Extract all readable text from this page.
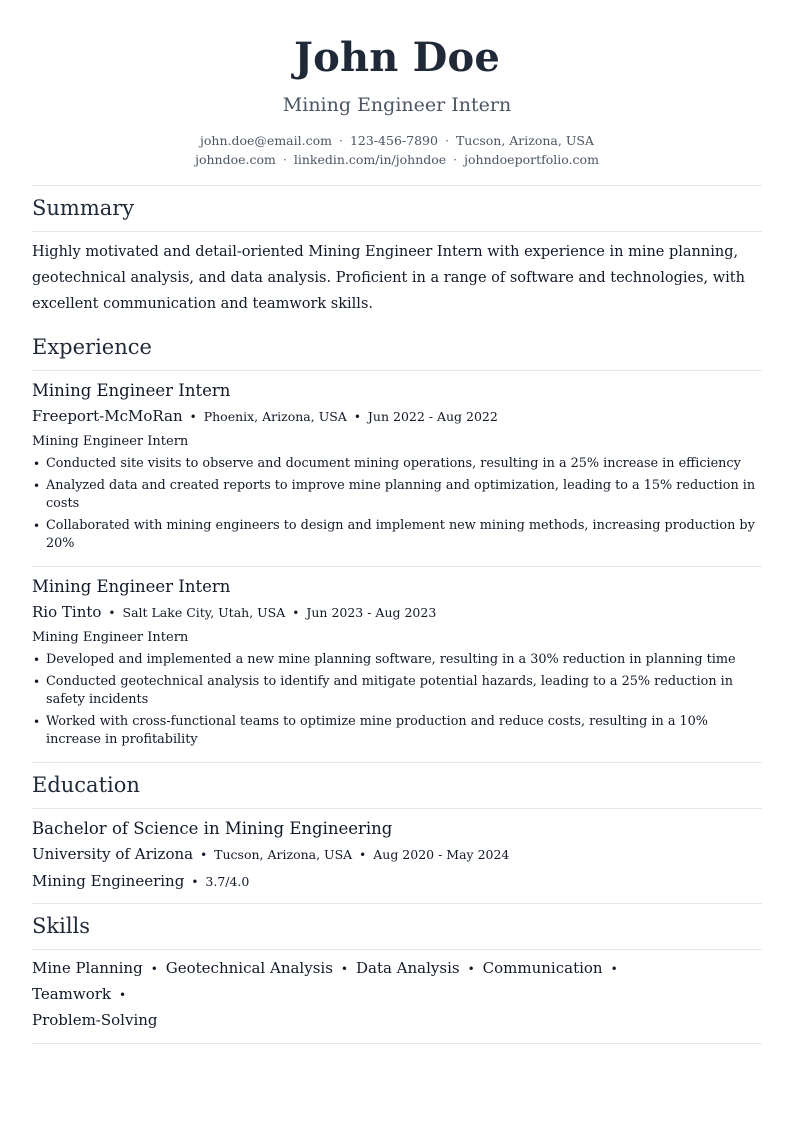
John Doe
Mining Engineer Intern
john.doe@email.com · 123-456-7890 · Tucson, Arizona, USA
johndoe.com · linkedin.com/in/johndoe · johndoeportfolio.com
Summary
Highly motivated and detail-oriented Mining Engineer Intern with experience in mine planning, geotechnical analysis, and data analysis. Proficient in a range of software and technologies, with excellent communication and teamwork skills.
Experience
Mining Engineer Intern
Freeport-McMoRan • Phoenix, Arizona, USA • Jun 2022 - Aug 2022
Mining Engineer Intern
• Conducted site visits to observe and document mining operations, resulting in a 25% increase in efficiency
• Analyzed data and created reports to improve mine planning and optimization, leading to a 15% reduction in costs
• Collaborated with mining engineers to design and implement new mining methods, increasing production by 20%
Mining Engineer Intern
Rio Tinto • Salt Lake City, Utah, USA • Jun 2023 - Aug 2023
Mining Engineer Intern
• Developed and implemented a new mine planning software, resulting in a 30% reduction in planning time
• Conducted geotechnical analysis to identify and mitigate potential hazards, leading to a 25% reduction in safety incidents
• Worked with cross-functional teams to optimize mine production and reduce costs, resulting in a 10% increase in profitability
Education
Bachelor of Science in Mining Engineering
University of Arizona • Tucson, Arizona, USA • Aug 2020 - May 2024
Mining Engineering • 3.7/4.0
Skills
Mine Planning • Geotechnical Analysis • Data Analysis • Communication •Teamwork •
Problem-Solving
